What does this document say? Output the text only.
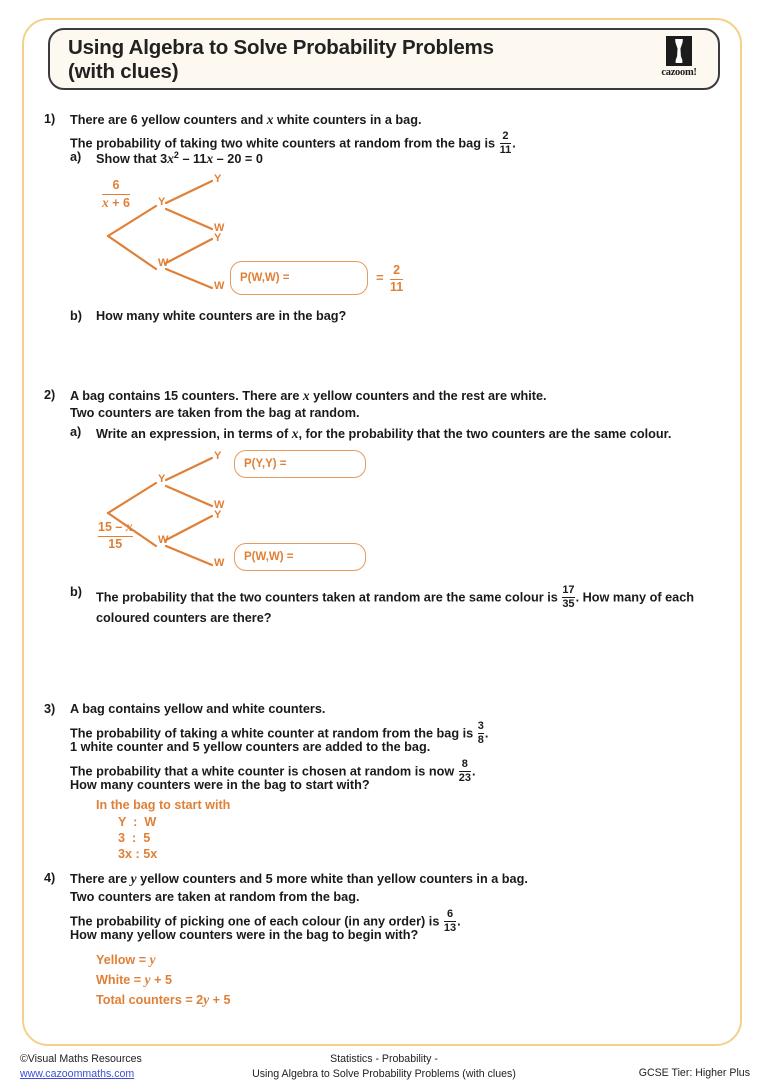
Using Algebra to Solve Probability Problems
(with clues)	cazoom!
1) There are 6 yellow counters and x white counters in a bag.
The probability of taking two white counters at random from the bag is $\frac{2}{11}$ .
a) Show that $3x^2 - 11x - 20 = 0$
Y
W
Y
W
Y
W
$\frac{6}{x + 6}$
P(W,W) =	= $\frac{2}{11}$
b) How many white counters are in the bag?
2) A bag contains 15 counters. There are x yellow counters and the rest are white.
Two counters are taken from the bag at random.
a) Write an expression, in terms of x, for the probability that the two counters are the same colour.
Y
W
Y
W
Y
W
$\frac{15 - x}{15}$
P(Y,Y) =
P(W,W) =
b) The probability that the two counters taken at random are the same colour is $\frac{17}{35}$ . How many of each coloured counters are there?
3) A bag contains yellow and white counters.
The probability of taking a white counter at random from the bag is $\frac{3}{8}$ .
1 white counter and 5 yellow counters are added to the bag.
The probability that a white counter is chosen at random is now $\frac{8}{23}$ .
How many counters were in the bag to start with?
In the bag to start with
Y  :  W
3  :  5
3x : 5x
4) There are y yellow counters and 5 more white than yellow counters in a bag.
Two counters are taken at random from the bag.
The probability of picking one of each colour (in any order) is $\frac{6}{13}$ .
How many yellow counters were in the bag to begin with?
Yellow = y
White = y + 5
Total counters = 2y + 5
©Visual Maths Resources
www.cazoommaths.com
Statistics - Probability -
Using Algebra to Solve Probability Problems (with clues)	GCSE Tier: Higher Plus
